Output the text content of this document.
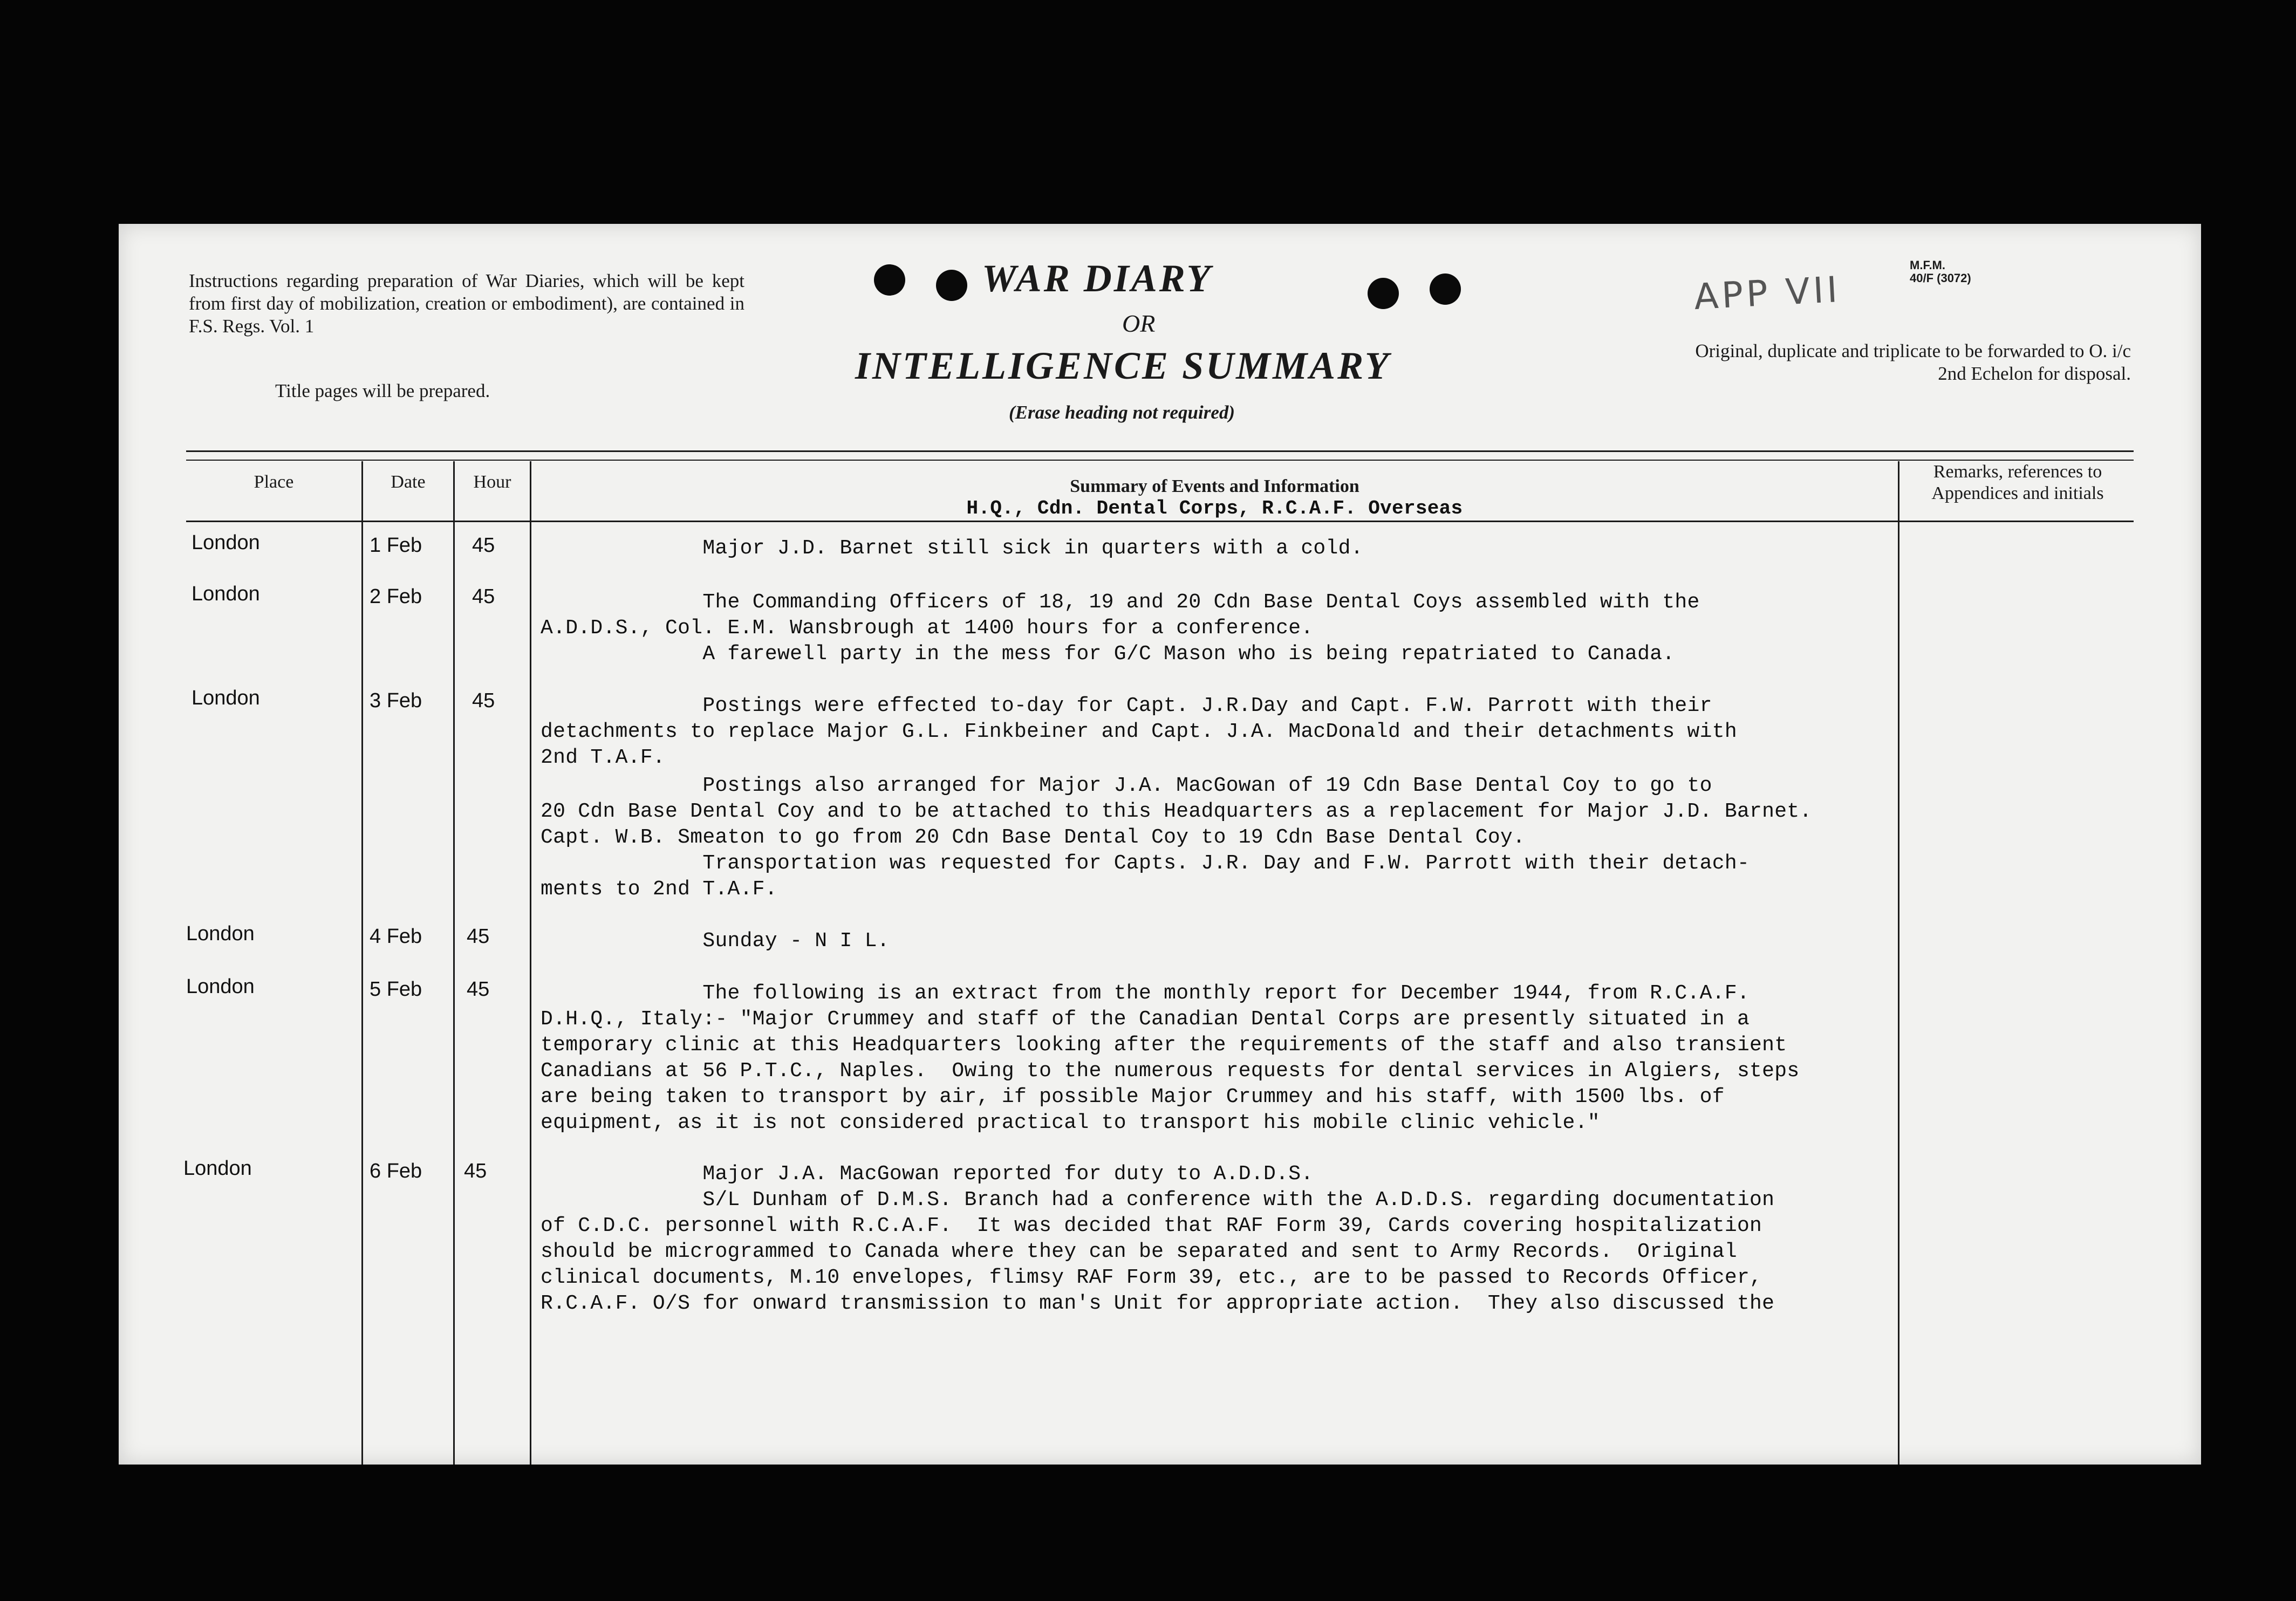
Instructions regarding preparation of War Diaries, which will be kept from first day of mobilization, creation or embodiment), are contained in F.S. Regs. Vol. 1
Title pages will be prepared.
WAR DIARY
OR
INTELLIGENCE SUMMARY
(Erase heading not required)
APP VII
M.F.M.
40/F (3072)
Original, duplicate and triplicate to be forwarded to O. i/c 2nd Echelon for disposal.
Place	Date	Hour	Summary of Events and Information
H.Q., Cdn. Dental Corps, R.C.A.F. Overseas
Remarks, references to Appendices and initials
London	1 Feb 45 Major J.D. Barnet still sick in quarters with a cold.
London	2 Feb 45 The Commanding Officers of 18, 19 and 20 Cdn Base Dental Coys assembled with the
A.D.D.S., Col. E.M. Wansbrough at 1400 hours for a conference.
A farewell party in the mess for G/C Mason who is being repatriated to Canada.
London	3 Feb 45 Postings were effected to-day for Capt. J.R.Day and Capt. F.W. Parrott with their
detachments to replace Major G.L. Finkbeiner and Capt. J.A. MacDonald and their detachments with
2nd T.A.F.
Postings also arranged for Major J.A. MacGowan of 19 Cdn Base Dental Coy to go to
20 Cdn Base Dental Coy and to be attached to this Headquarters as a replacement for Major J.D. Barnet.
Capt. W.B. Smeaton to go from 20 Cdn Base Dental Coy to 19 Cdn Base Dental Coy.
Transportation was requested for Capts. J.R. Day and F.W. Parrott with their detach-
ments to 2nd T.A.F.
London	4 Feb 45 Sunday - N I L.
London	5 Feb 45 The following is an extract from the monthly report for December 1944, from R.C.A.F.
D.H.Q., Italy:- "Major Crummey and staff of the Canadian Dental Corps are presently situated in a
temporary clinic at this Headquarters looking after the requirements of the staff and also transient
Canadians at 56 P.T.C., Naples.  Owing to the numerous requests for dental services in Algiers, steps
are being taken to transport by air, if possible Major Crummey and his staff, with 1500 lbs. of
equipment, as it is not considered practical to transport his mobile clinic vehicle."
London	6 Feb 45	Major J.A. MacGowan reported for duty to A.D.D.S.
S/L Dunham of D.M.S. Branch had a conference with the A.D.D.S. regarding documentation
of C.D.C. personnel with R.C.A.F.  It was decided that RAF Form 39, Cards covering hospitalization
should be microgrammed to Canada where they can be separated and sent to Army Records.  Original
clinical documents, M.10 envelopes, flimsy RAF Form 39, etc., are to be passed to Records Officer,
R.C.A.F. O/S for onward transmission to man's Unit for appropriate action.  They also discussed the
